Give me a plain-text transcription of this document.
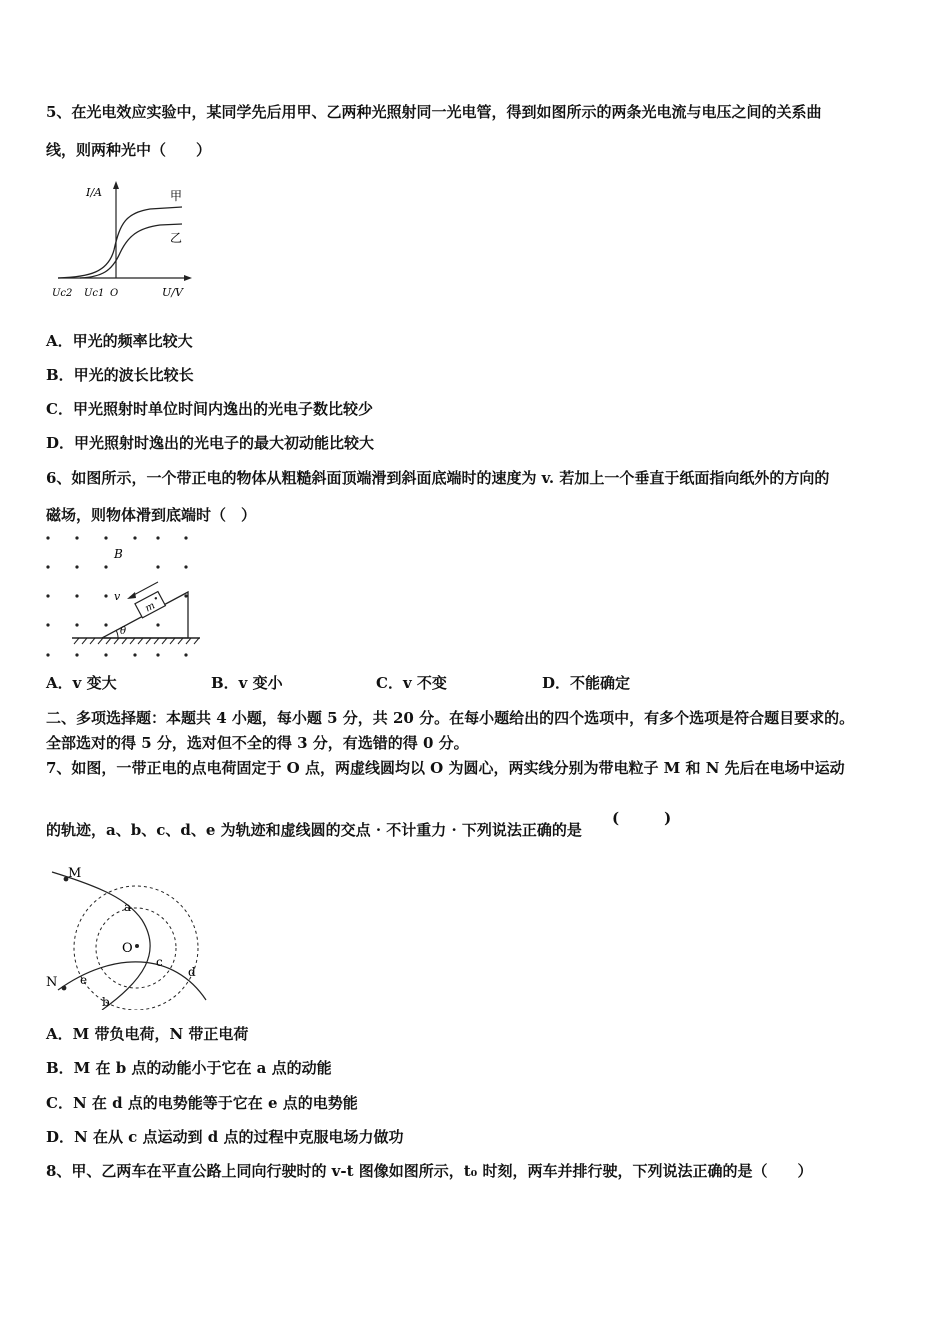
5、在光电效应实验中，某同学先后用甲、乙两种光照射同一光电管，得到如图所示的两条光电流与电压之间的关系曲
线，则两种光中（　　）
I/A	甲
乙
Uc2 Uc1 O	U/V
A．甲光的频率比较大
B．甲光的波长比较长
C．甲光照射时单位时间内逸出的光电子数比较少
D．甲光照射时逸出的光电子的最大初动能比较大
6、如图所示，一个带正电的物体从粗糙斜面顶端滑到斜面底端时的速度为 v. 若加上一个垂直于纸面指向纸外的方向的
磁场，则物体滑到底端时（　）
B
m
v
θ
A．v 变大	B．v 变小	C．v 不变	D．不能确定
二、多项选择题：本题共 4 小题，每小题 5 分，共 20 分。在每小题给出的四个选项中，有多个选项是符合题目要求的。
全部选对的得 5 分，选对但不全的得 3 分，有选错的得 0 分。
7、如图，一带正电的点电荷固定于 O 点，两虚线圆均以 O 为圆心，两实线分别为带电粒子 M 和 N 先后在电场中运动
的轨迹，a、b、c、d、e 为轨迹和虚线圆的交点 · 不计重力 · 下列说法正确的是
(　　　)
M
N
O
a
b
c
d
e
A．M 带负电荷，N 带正电荷
B．M 在 b 点的动能小于它在 a 点的动能
C．N 在 d 点的电势能等于它在 e 点的电势能
D．N 在从 c 点运动到 d 点的过程中克服电场力做功
8、甲、乙两车在平直公路上同向行驶时的 v-t 图像如图所示，t₀ 时刻，两车并排行驶，下列说法正确的是（　　）
